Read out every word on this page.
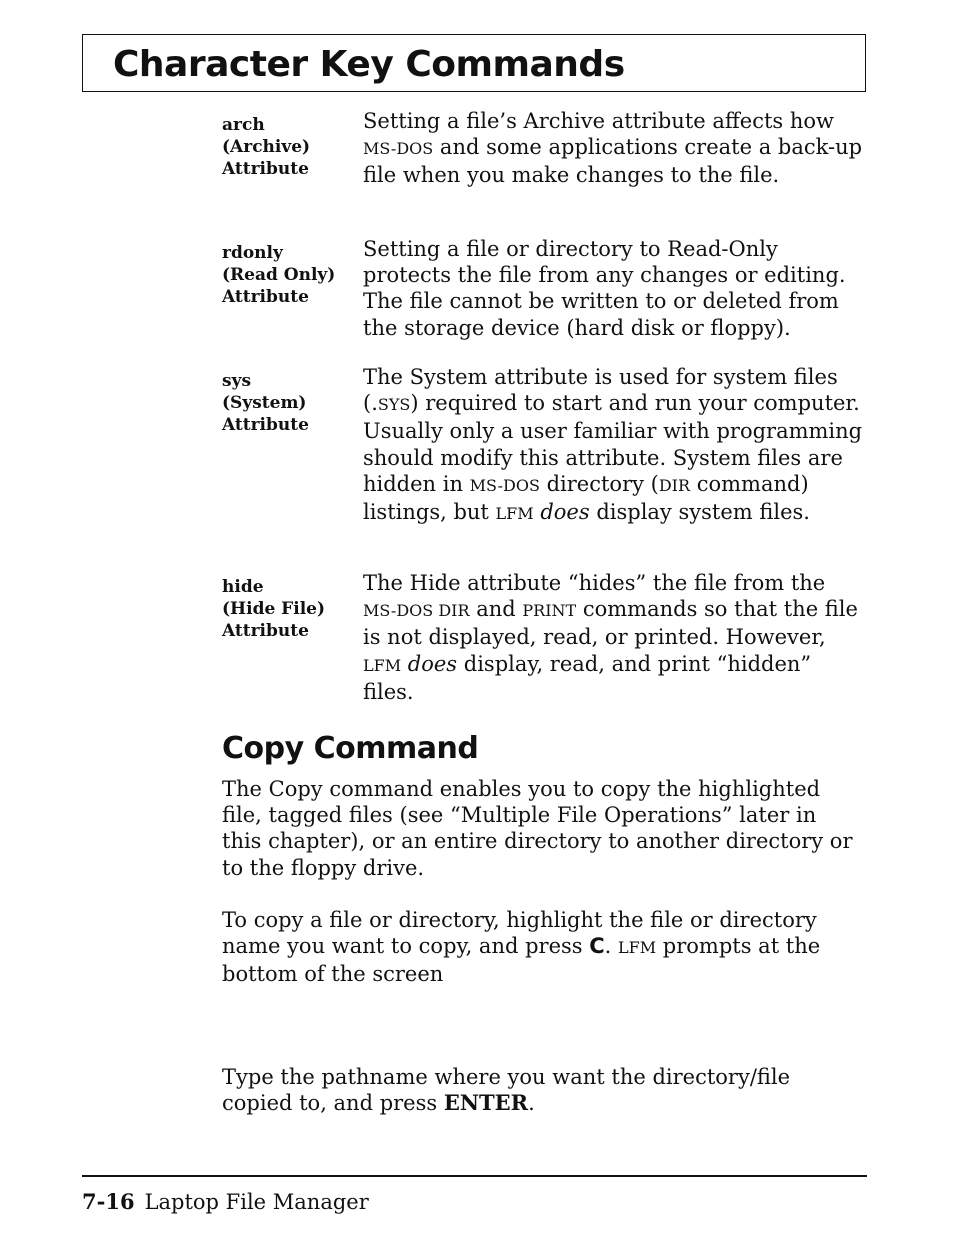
Character Key Commands
arch
(Archive)
Attribute
Setting a file’s Archive attribute affects how MS-DOS and some applications create a back-up file when you make changes to the file.
rdonly
(Read Only)
Attribute
Setting a file or directory to Read-Only protects the file from any changes or editing. The file cannot be written to or deleted from the storage device (hard disk or floppy).
sys
(System)
Attribute
The System attribute is used for system files (.SYS) required to start and run your computer. Usually only a user familiar with programming should modify this attribute. System files are hidden in MS-DOS directory (DIR command) listings, but LFM does display system files.
hide
(Hide File)
Attribute
The Hide attribute “hides” the file from the MS-DOS DIR and PRINT commands so that the file is not displayed, read, or printed. However, LFM does display, read, and print “hidden” files.
Copy Command

The Copy command enables you to copy the highlighted file, tagged files (see “Multiple File Operations” later in this chapter), or an entire directory to another directory or to the floppy drive.

To copy a file or directory, highlight the file or directory name you want to copy, and press C. LFM prompts at the bottom of the screen

Type the pathname where you want the directory/file copied to, and press ENTER.

7-16 Laptop File Manager
